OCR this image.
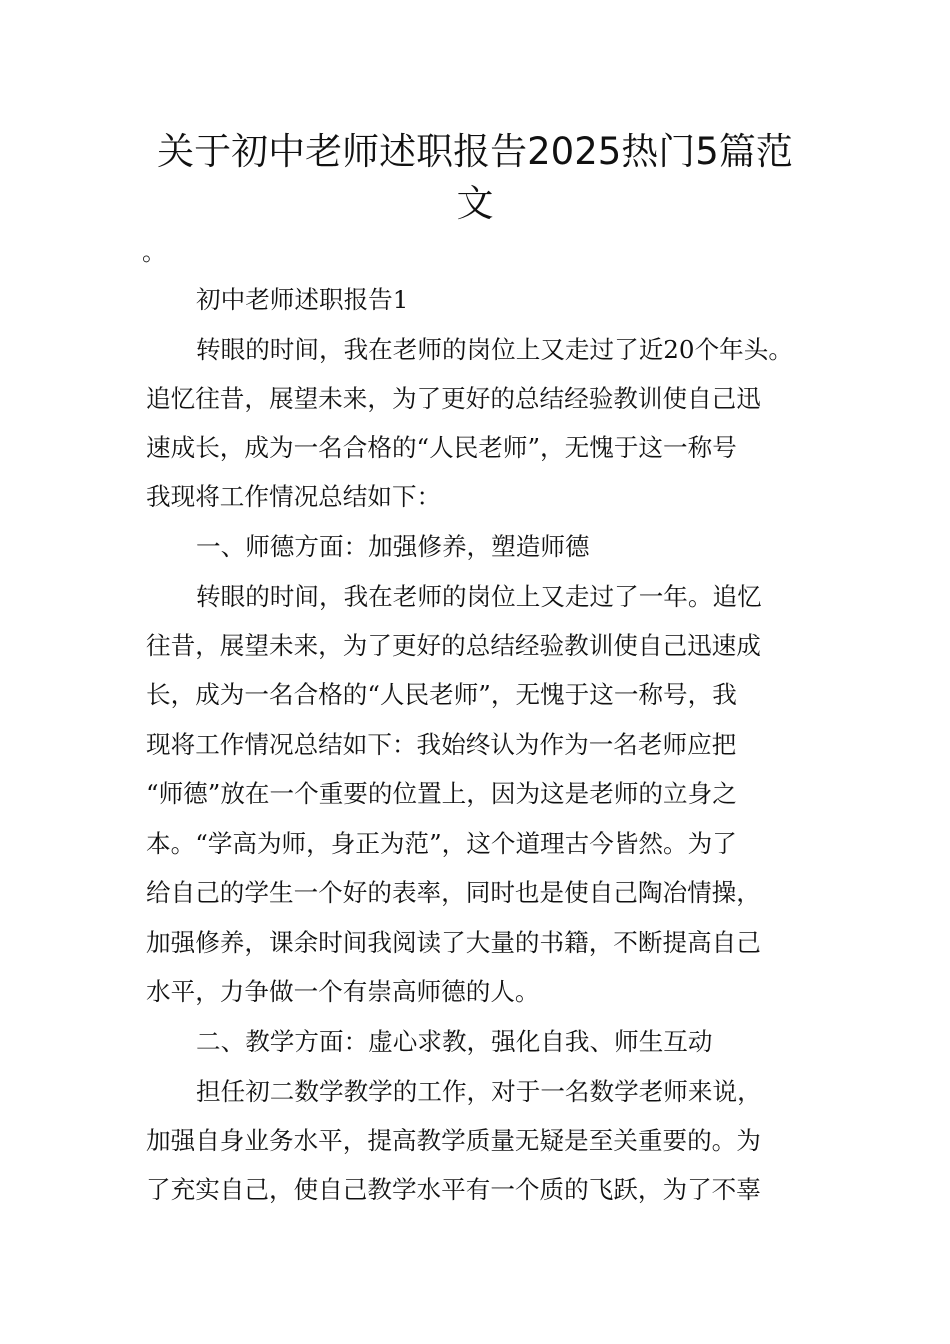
关于初中老师述职报告2025热门5篇范
文
。
初中老师述职报告1
转眼的时间，我在老师的岗位上又走过了近20个年头。
追忆往昔，展望未来，为了更好的总结经验教训使自己迅
速成长，成为一名合格的“人民老师”，无愧于这一称号
我现将工作情况总结如下：
一、师德方面：加强修养，塑造师德
转眼的时间，我在老师的岗位上又走过了一年。追忆
往昔，展望未来，为了更好的总结经验教训使自己迅速成
长，成为一名合格的“人民老师”，无愧于这一称号，我
现将工作情况总结如下：我始终认为作为一名老师应把
“师德”放在一个重要的位置上，因为这是老师的立身之
本。“学高为师，身正为范”，这个道理古今皆然。为了
给自己的学生一个好的表率，同时也是使自己陶冶情操，
加强修养，课余时间我阅读了大量的书籍，不断提高自己
水平，力争做一个有崇高师德的人。
二、教学方面：虚心求教，强化自我、师生互动
担任初二数学教学的工作，对于一名数学老师来说，
加强自身业务水平，提高教学质量无疑是至关重要的。为
了充实自己，使自己教学水平有一个质的飞跃，为了不辜
